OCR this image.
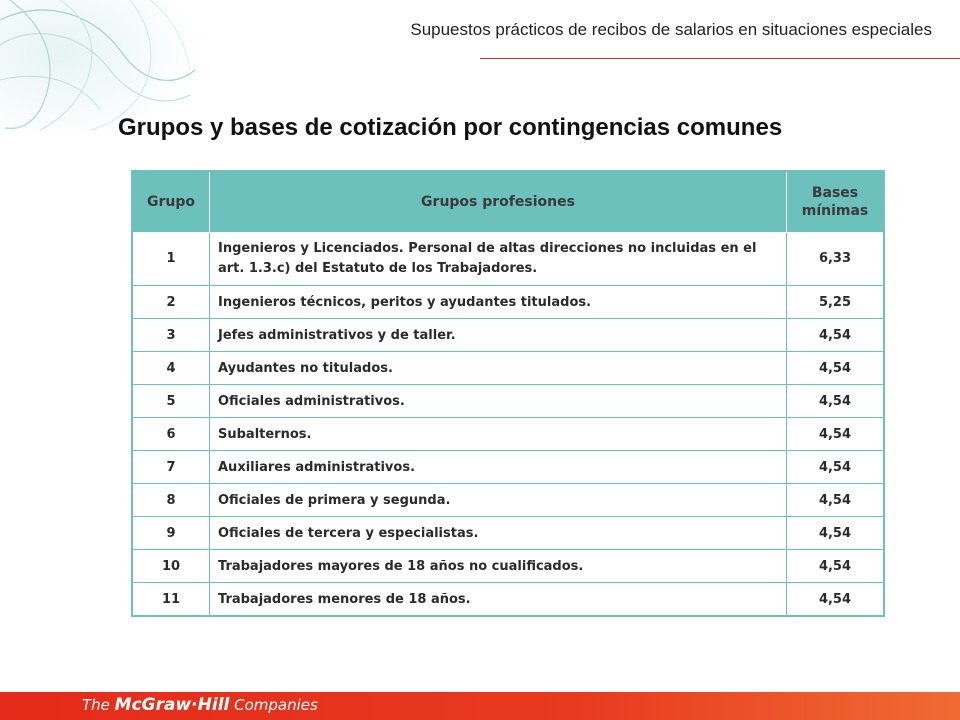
Supuestos prácticos de recibos de salarios en situaciones especiales
Grupos y bases de cotización por contingencias comunes
Grupo	Grupos profesiones	Bases
mínimas
1	Ingenieros y Licenciados. Personal de altas direcciones no incluidas en el art. 1.3.c) del Estatuto de los Trabajadores.	6,33
2	Ingenieros técnicos, peritos y ayudantes titulados.	5,25
3	Jefes administrativos y de taller.	4,54
4	Ayudantes no titulados.	4,54
5	Oficiales administrativos.	4,54
6	Subalternos.	4,54
7	Auxiliares administrativos.	4,54
8	Oficiales de primera y segunda.	4,54
9	Oficiales de tercera y especialistas.	4,54
10	Trabajadores mayores de 18 años no cualificados.	4,54
11	Trabajadores menores de 18 años.	4,54
The McGraw·Hill Companies
